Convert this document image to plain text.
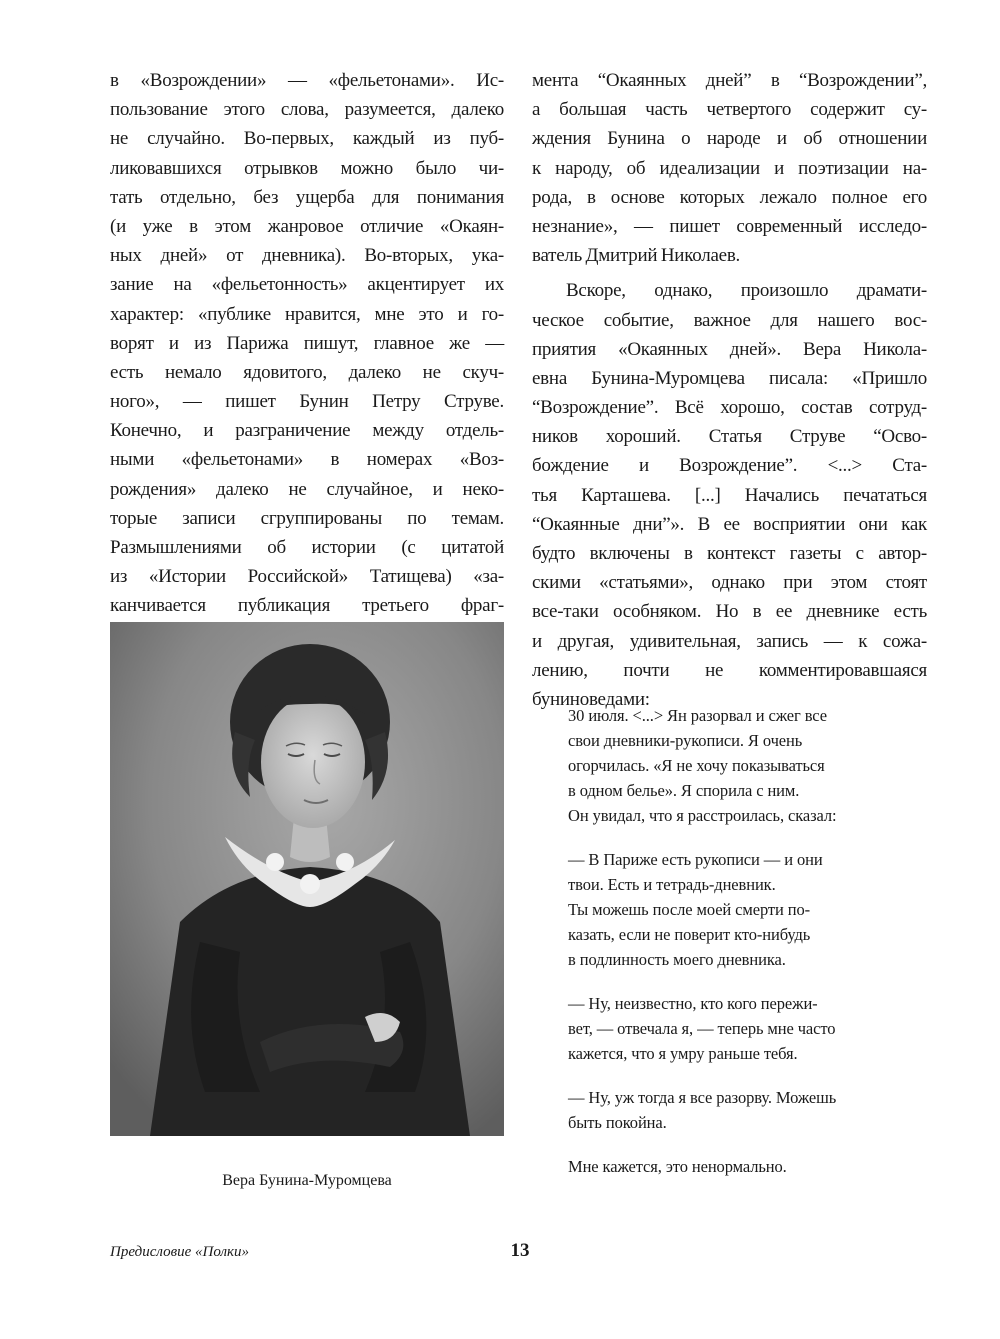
в «Возрождении» — «фельетонами». Ис-
пользование этого слова, разумеется, далеко
не случайно. Во-первых, каждый из пуб-
ликовавшихся отрывков можно было чи-
тать отдельно, без ущерба для понимания
(и уже в этом жанровое отличие «Окаян-
ных дней» от дневника). Во-вторых, ука-
зание на «фельетонность» акцентирует их
характер: «публике нравится, мне это и го-
ворят и из Парижа пишут, главное же —
есть немало ядовитого, далеко не скуч-
ного», — пишет Бунин Петру Струве.
Конечно, и разграничение между отдель-
ными «фельетонами» в номерах «Воз-
рождения» далеко не случайное, и неко-
торые записи сгруппированы по темам.
Размышлениями об истории (с цитатой
из «Истории Российской» Татищева) «за-
канчивается публикация третьего фраг-
Вера Бунина-Муромцева
мента “Окаянных дней” в “Возрождении”,
а большая часть четвертого содержит су-
ждения Бунина о народе и об отношении
к народу, об идеализации и поэтизации на-
рода, в основе которых лежало полное его
незнание», — пишет современный исследо-
ватель Дмитрий Николаев.
Вскоре, однако, произошло драмати-
ческое событие, важное для нашего вос-
приятия «Окаянных дней». Вера Никола-
евна Бунина-Муромцева писала: «Пришло
“Возрождение”. Всё хорошо, состав сотруд-
ников хороший. Статья Струве “Осво-
бождение и Возрождение”. <...> Ста-
тья Карташева. [...] Начались печататься
“Окаянные дни”». В ее восприятии они как
будто включены в контекст газеты с автор-
скими «статьями», однако при этом стоят
все-таки особняком. Но в ее дневнике есть
и другая, удивительная, запись — к сожа-
лению, почти не комментировавшаяся
буниноведами:
30 июля. <...> Ян разорвал и сжег все
свои дневники-рукописи. Я очень
огорчилась. «Я не хочу показываться
в одном белье». Я спорила с ним.
Он увидал, что я расстроилась, сказал:
— В Париже есть рукописи — и они
твои. Есть и тетрадь-дневник.
Ты можешь после моей смерти по-
казать, если не поверит кто-нибудь
в подлинность моего дневника.
— Ну, неизвестно, кто кого пережи-
вет, — отвечала я, — теперь мне часто
кажется, что я умру раньше тебя.
— Ну, уж тогда я все разорву. Можешь
быть покойна.
Мне кажется, это ненормально.
Предисловие «Полки»	13
